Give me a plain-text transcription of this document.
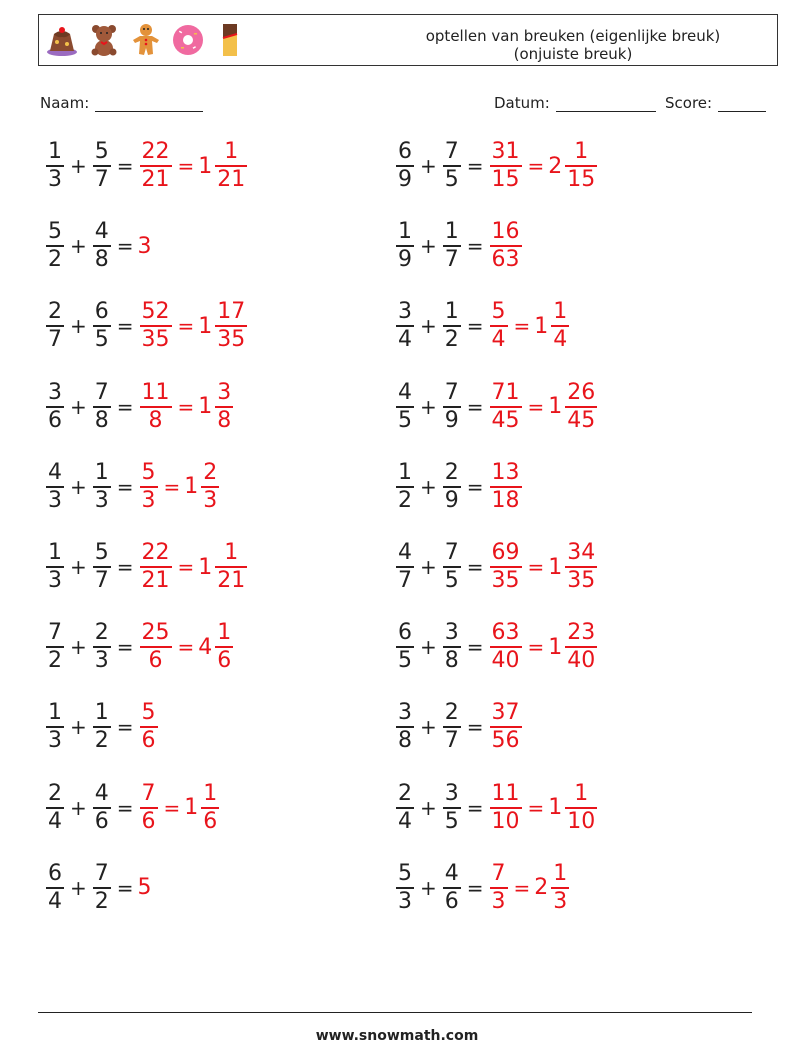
optellen van breuken (eigenlijke breuk)
(onjuiste breuk)
Naam:	Datum:	Score:
$\frac{1}{3} + \frac{5}{7} = \frac{22}{21} = 1 \frac{1}{21}$
$\frac{5}{2} + \frac{4}{8} = 3$
$\frac{2}{7} + \frac{6}{5} = \frac{52}{35} = 1 \frac{17}{35}$
$\frac{3}{6} + \frac{7}{8} = \frac{11}{8} = 1 \frac{3}{8}$
$\frac{4}{3} + \frac{1}{3} = \frac{5}{3} = 1 \frac{2}{3}$
$\frac{1}{3} + \frac{5}{7} = \frac{22}{21} = 1 \frac{1}{21}$
$\frac{7}{2} + \frac{2}{3} = \frac{25}{6} = 4 \frac{1}{6}$
$\frac{1}{3} + \frac{1}{2} = \frac{5}{6}$
$\frac{2}{4} + \frac{4}{6} = \frac{7}{6} = 1 \frac{1}{6}$
$\frac{6}{4} + \frac{7}{2} = 5$
$\frac{6}{9} + \frac{7}{5} = \frac{31}{15} = 2 \frac{1}{15}$
$\frac{1}{9} + \frac{1}{7} = \frac{16}{63}$
$\frac{3}{4} + \frac{1}{2} = \frac{5}{4} = 1 \frac{1}{4}$
$\frac{4}{5} + \frac{7}{9} = \frac{71}{45} = 1 \frac{26}{45}$
$\frac{1}{2} + \frac{2}{9} = \frac{13}{18}$
$\frac{4}{7} + \frac{7}{5} = \frac{69}{35} = 1 \frac{34}{35}$
$\frac{6}{5} + \frac{3}{8} = \frac{63}{40} = 1 \frac{23}{40}$
$\frac{3}{8} + \frac{2}{7} = \frac{37}{56}$
$\frac{2}{4} + \frac{3}{5} = \frac{11}{10} = 1 \frac{1}{10}$
$\frac{5}{3} + \frac{4}{6} = \frac{7}{3} = 2 \frac{1}{3}$
www.snowmath.com
